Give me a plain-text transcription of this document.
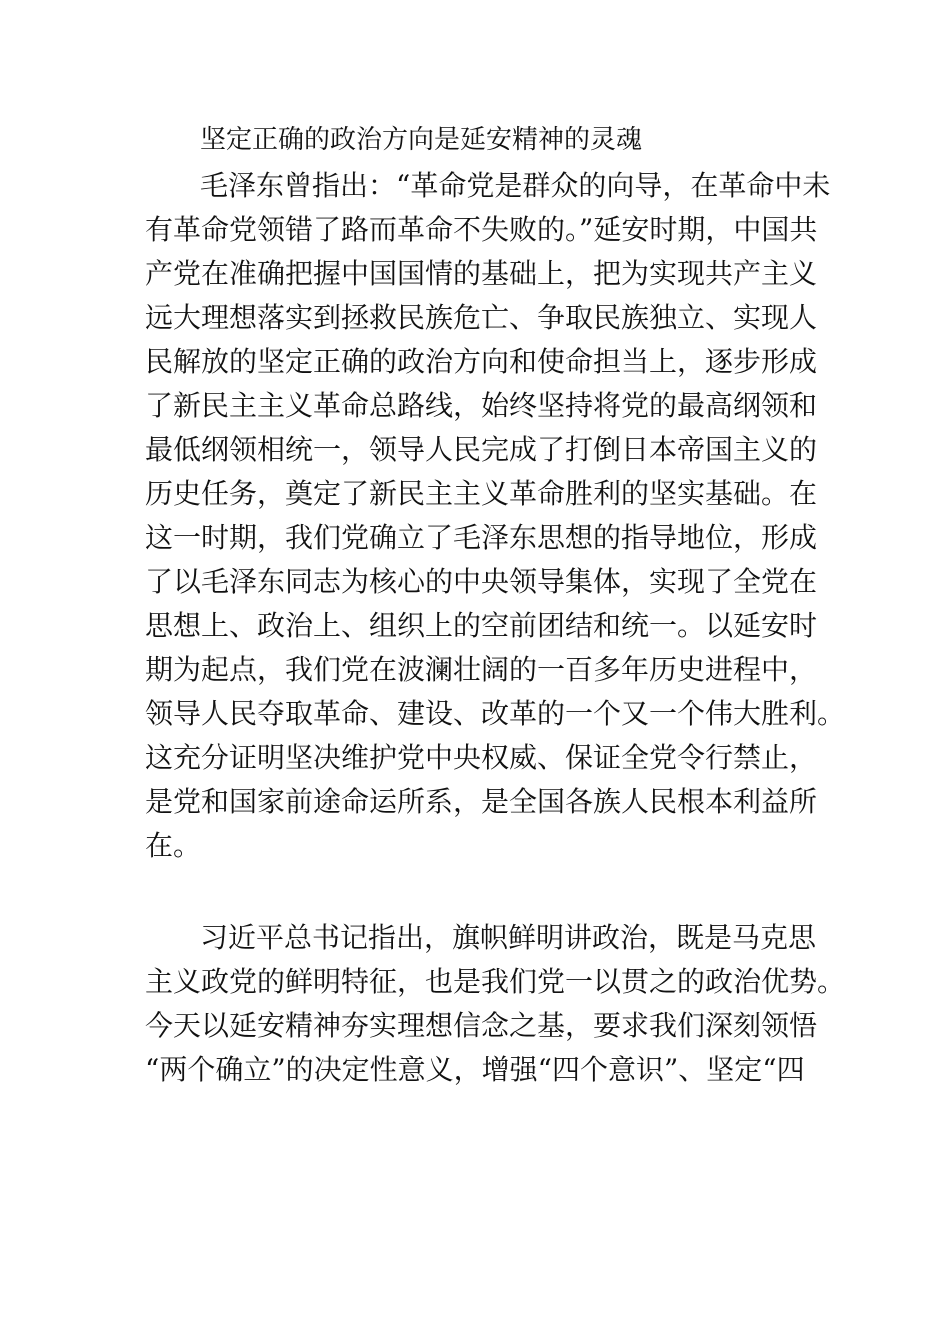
坚定正确的政治方向是延安精神的灵魂
毛泽东曾指出：“革命党是群众的向导，在革命中未
有革命党领错了路而革命不失败的。”延安时期，中国共
产党在准确把握中国国情的基础上，把为实现共产主义
远大理想落实到拯救民族危亡、争取民族独立、实现人
民解放的坚定正确的政治方向和使命担当上，逐步形成
了新民主主义革命总路线，始终坚持将党的最高纲领和
最低纲领相统一，领导人民完成了打倒日本帝国主义的
历史任务，奠定了新民主主义革命胜利的坚实基础。在
这一时期，我们党确立了毛泽东思想的指导地位，形成
了以毛泽东同志为核心的中央领导集体，实现了全党在
思想上、政治上、组织上的空前团结和统一。以延安时
期为起点，我们党在波澜壮阔的一百多年历史进程中，
领导人民夺取革命、建设、改革的一个又一个伟大胜利。
这充分证明坚决维护党中央权威、保证全党令行禁止，
是党和国家前途命运所系，是全国各族人民根本利益所
在。
习近平总书记指出，旗帜鲜明讲政治，既是马克思
主义政党的鲜明特征，也是我们党一以贯之的政治优势。
今天以延安精神夯实理想信念之基，要求我们深刻领悟
“两个确立”的决定性意义，增强“四个意识”、坚定“四
